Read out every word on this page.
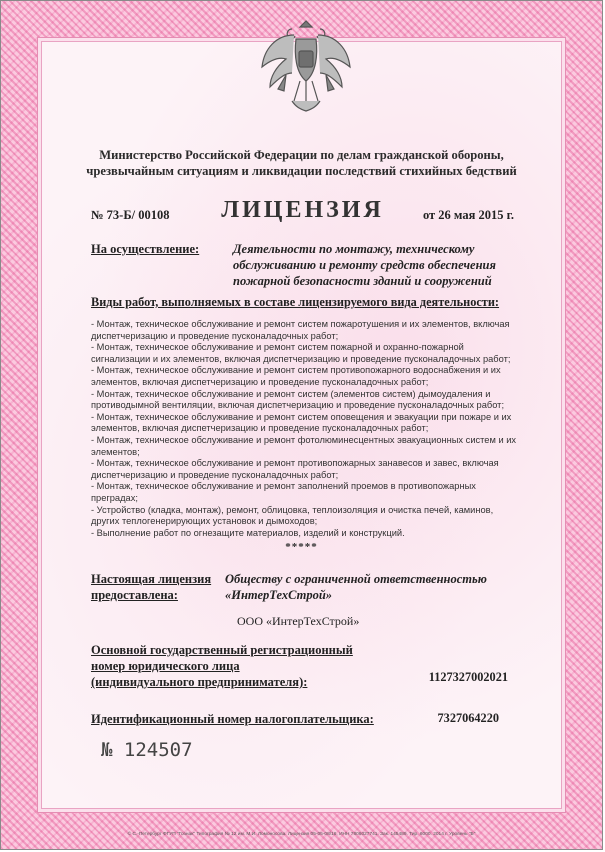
Министерство Российской Федерации по делам гражданской обороны,
чрезвычайным ситуациям и ликвидации последствий стихийных бедствий
ЛИЦЕНЗИЯ
№ 73-Б/ 00108	от 26 мая 2015 г.
На осуществление:	Деятельности по монтажу, техническому
обслуживанию и ремонту средств обеспечения
пожарной безопасности зданий и сооружений
Виды работ, выполняемых в составе лицензируемого вида деятельности:
- Монтаж, техническое обслуживание и ремонт систем пожаротушения и их элементов, включая диспетчеризацию и проведение пусконаладочных работ;
- Монтаж, техническое обслуживание и ремонт систем пожарной и охранно-пожарной сигнализации и их элементов, включая диспетчеризацию и проведение пусконаладочных работ;
- Монтаж, техническое обслуживание и ремонт систем противопожарного водоснабжения и их элементов, включая диспетчеризацию и проведение пусконаладочных работ;
- Монтаж, техническое обслуживание и ремонт систем (элементов систем) дымоудаления и противодымной вентиляции, включая диспетчеризацию и проведение пусконаладочных работ;
- Монтаж, техническое обслуживание и ремонт систем оповещения и эвакуации при пожаре и их элементов, включая диспетчеризацию и проведение пусконаладочных работ;
- Монтаж, техническое обслуживание и ремонт фотолюминесцентных эвакуационных систем и их элементов;
- Монтаж, техническое обслуживание и ремонт противопожарных занавесов и завес, включая диспетчеризацию и проведение пусконаладочных работ;
- Монтаж, техническое обслуживание и ремонт заполнений проемов в противопожарных преградах;
- Устройство (кладка, монтаж), ремонт, облицовка, теплоизоляция и очистка печей, каминов, других теплогенерирующих установок и дымоходов;
- Выполнение работ по огнезащите материалов, изделий и конструкций.
*****
Настоящая лицензия
предоставлена:
Обществу с ограниченной ответственностью
«ИнтерТехСтрой»
ООО «ИнтерТехСтрой»
Основной государственный регистрационный
номер юридического лица
(индивидуального предпринимателя):	1127327002021
Идентификационный номер налогоплательщика:	7327064220
№ 124507
© С.-Петербург ФГУП "Гознак" Типография № 12 им. М.И. Ломоносова. Лицензия 05-05-08/16, ИНН 7806027741. Зак. 145489. Тир. 6000. 2014 г. Уровень "Б"
